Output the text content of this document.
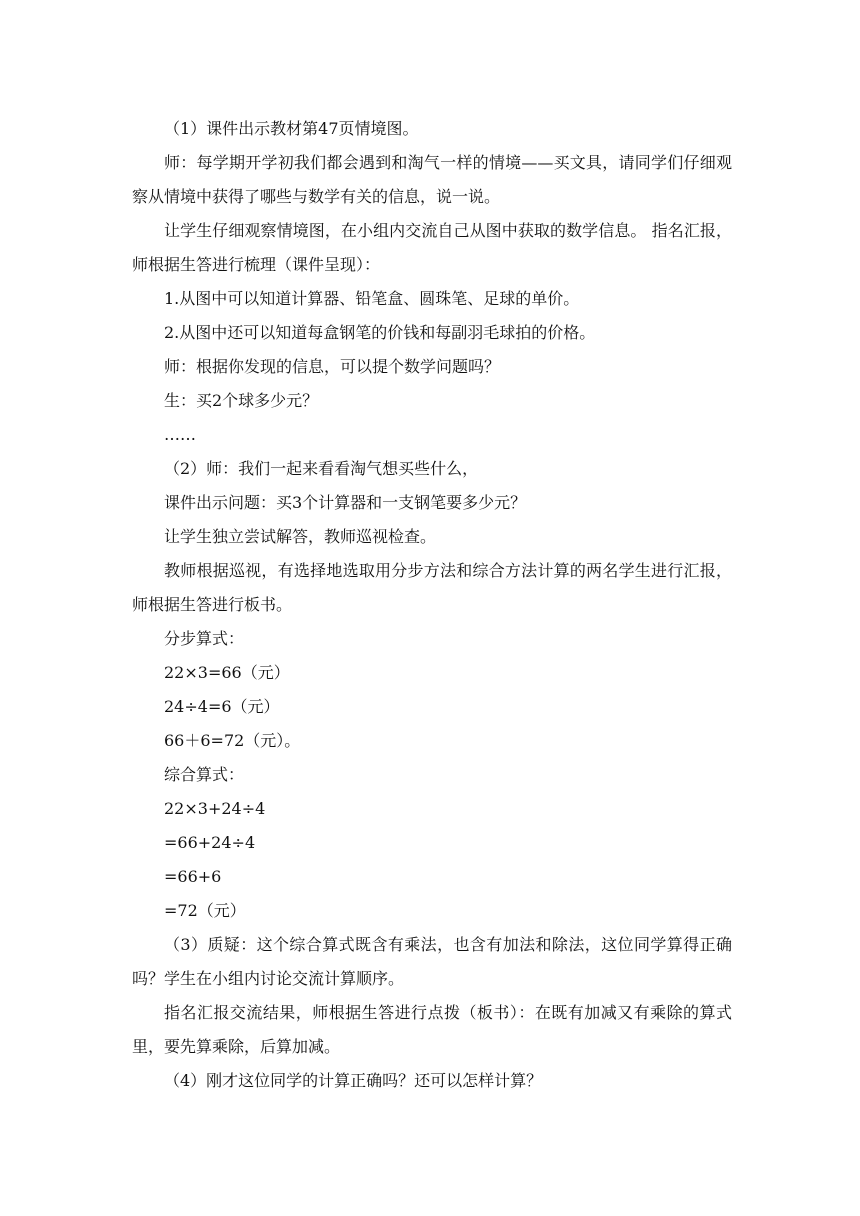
（1）课件出示教材第47页情境图。

师：每学期开学初我们都会遇到和淘气一样的情境——买文具，请同学们仔细观察从情境中获得了哪些与数学有关的信息，说一说。

让学生仔细观察情境图，在小组内交流自己从图中获取的数学信息。 指名汇报，师根据生答进行梳理（课件呈现）：

1.从图中可以知道计算器、铅笔盒、圆珠笔、足球的单价。

2.从图中还可以知道每盒钢笔的价钱和每副羽毛球拍的价格。

师：根据你发现的信息，可以提个数学问题吗？

生：买2个球多少元？

……

（2）师：我们一起来看看淘气想买些什么，

课件出示问题：买3个计算器和一支钢笔要多少元？

让学生独立尝试解答，教师巡视检查。

教师根据巡视，有选择地选取用分步方法和综合方法计算的两名学生进行汇报，师根据生答进行板书。

分步算式：

22×3=66（元）

24÷4=6（元）

66＋6=72（元）。

综合算式：

22×3+24÷4

=66+24÷4

=66+6

=72（元）

（3）质疑：这个综合算式既含有乘法，也含有加法和除法，这位同学算得正确吗？学生在小组内讨论交流计算顺序。

指名汇报交流结果，师根据生答进行点拨（板书）：在既有加减又有乘除的算式里，要先算乘除，后算加减。

（4）刚才这位同学的计算正确吗？还可以怎样计算？
